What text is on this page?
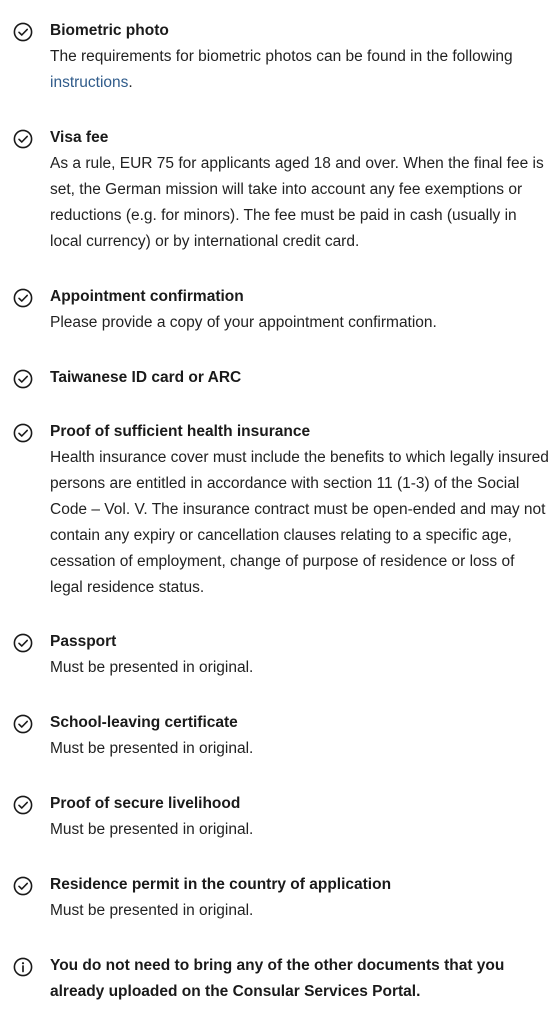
Biometric photo

The requirements for biometric photos can be found in the following instructions.

Visa fee

As a rule, EUR 75 for applicants aged 18 and over. When the final fee is set, the German mission will take into account any fee exemptions or reductions (e.g. for minors). The fee must be paid in cash (usually in local currency) or by international credit card.

Appointment confirmation

Please provide a copy of your appointment confirmation.

Taiwanese ID card or ARC

Proof of sufficient health insurance

Health insurance cover must include the benefits to which legally insured persons are entitled in accordance with section 11 (1-3) of the Social Code – Vol. V. The insurance contract must be open-ended and may not contain any expiry or cancellation clauses relating to a specific age, cessation of employment, change of purpose of residence or loss of legal residence status.

Passport

Must be presented in original.

School-leaving certificate

Must be presented in original.

Proof of secure livelihood

Must be presented in original.

Residence permit in the country of application

Must be presented in original.

You do not need to bring any of the other documents that you already uploaded on the Consular Services Portal.
